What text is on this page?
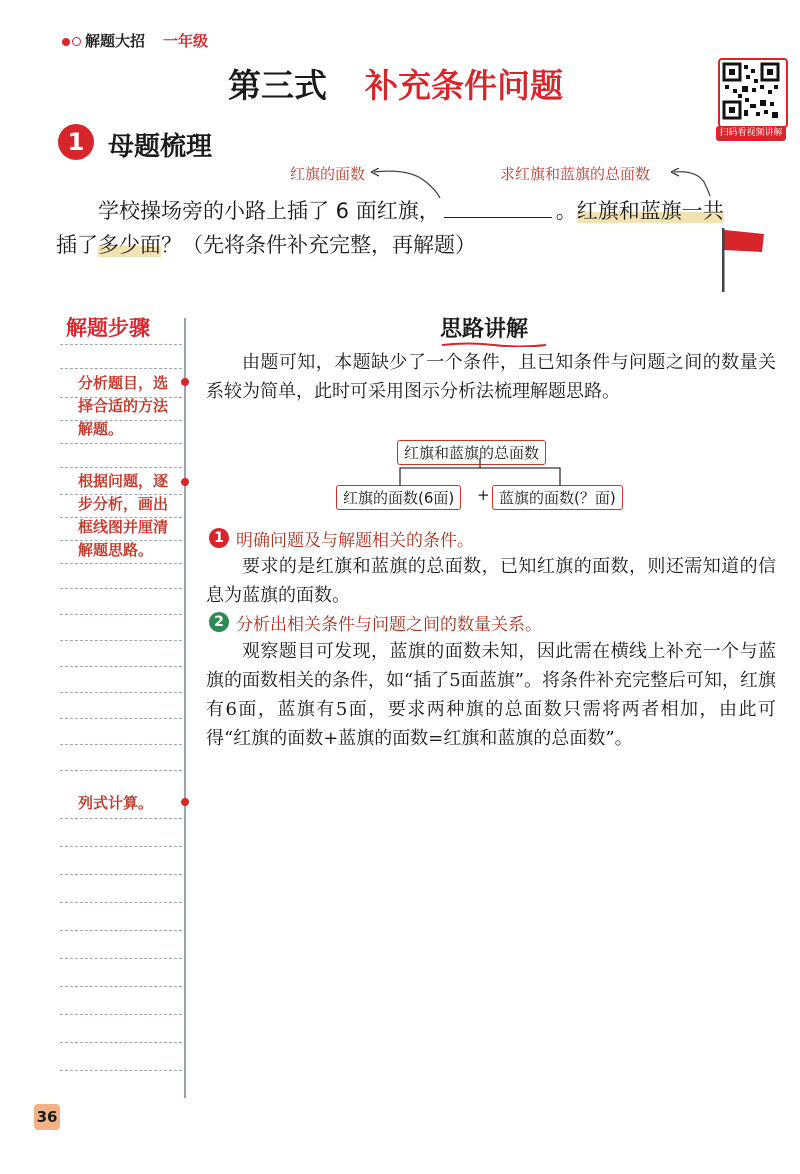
解题大招 一年级
第三式 补充条件问题
扫码看视频讲解
1 母题梳理
红旗的面数	求红旗和蓝旗的总面数

学校操场旁的小路上插了 6 面红旗，	。红旗和蓝旗一共

插了多少面？（先将条件补充完整，再解题）

解题步骤
分析题目，选择合适的方法解题。
根据问题，逐步分析，画出框线图并厘清解题思路。
列式计算。
思路讲解
由题可知，本题缺少了一个条件，且已知条件与问题之间的数量关系较为简单，此时可采用图示分析法梳理解题思路。
红旗和蓝旗的总面数
红旗的面数(6面)	+ 蓝旗的面数(？面)
1 明确问题及与解题相关的条件。
要求的是红旗和蓝旗的总面数，已知红旗的面数，则还需知道的信息为蓝旗的面数。
2 分析出相关条件与问题之间的数量关系。
观察题目可发现，蓝旗的面数未知，因此需在横线上补充一个与蓝旗的面数相关的条件，如“插了5面蓝旗”。将条件补充完整后可知，红旗有6面，蓝旗有5面，要求两种旗的总面数只需将两者相加，由此可得“红旗的面数+蓝旗的面数=红旗和蓝旗的总面数”。
36
